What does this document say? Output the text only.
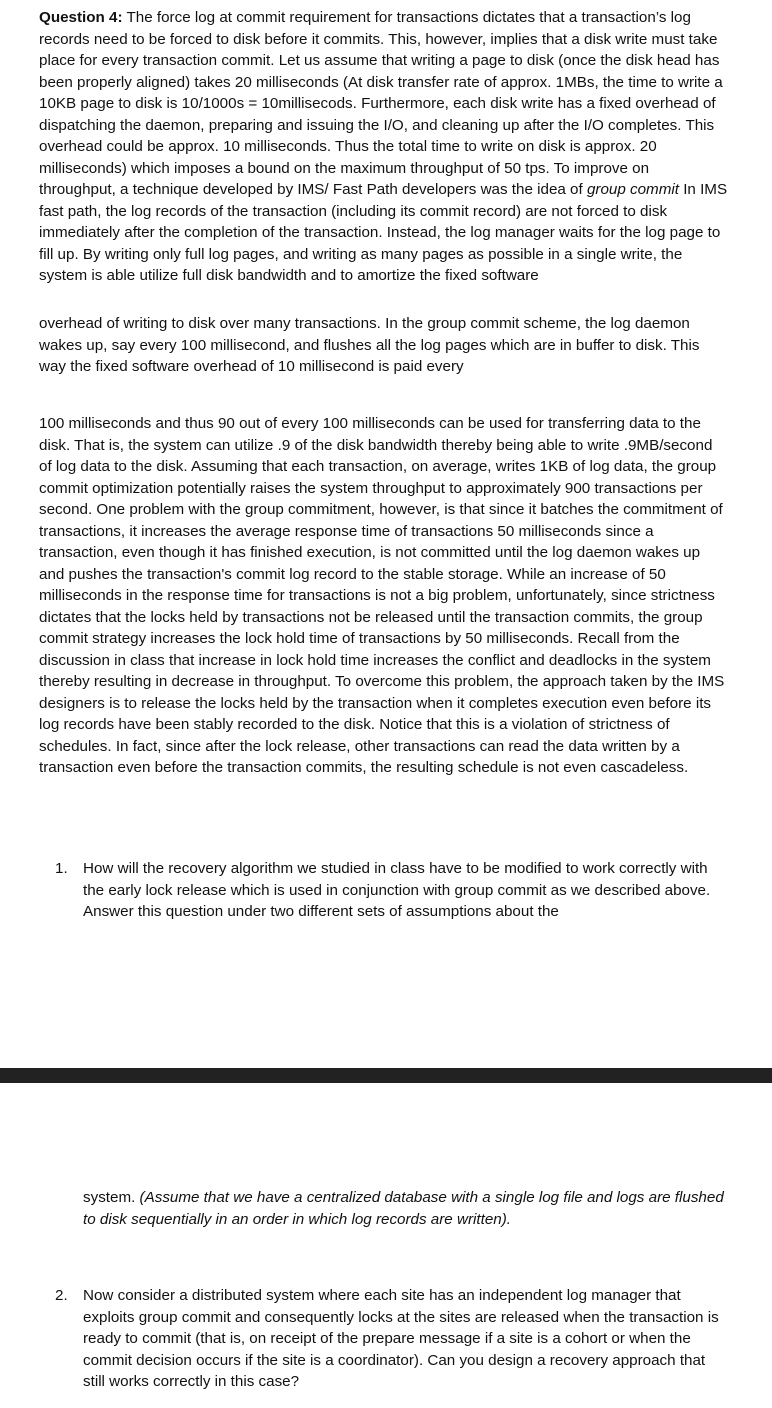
Question 4: The force log at commit requirement for transactions dictates that a transaction’s log records need to be forced to disk before it commits. This, however, implies that a disk write must take place for every transaction commit. Let us assume that writing a page to disk (once the disk head has been properly aligned) takes 20 milliseconds (At disk transfer rate of approx. 1MBs, the time to write a 10KB page to disk is 10/1000s = 10millisecods. Furthermore, each disk write has a fixed overhead of dispatching the daemon, preparing and issuing the I/O, and cleaning up after the I/O completes. This overhead could be approx. 10 milliseconds. Thus the total time to write on disk is approx. 20 milliseconds) which imposes a bound on the maximum throughput of 50 tps. To improve on throughput, a technique developed by IMS/ Fast Path developers was the idea of group commit In IMS fast path, the log records of the transaction (including its commit record) are not forced to disk immediately after the completion of the transaction. Instead, the log manager waits for the log page to fill up. By writing only full log pages, and writing as many pages as possible in a single write, the system is able utilize full disk bandwidth and to amortize the fixed software

overhead of writing to disk over many transactions. In the group commit scheme, the log daemon wakes up, say every 100 millisecond, and flushes all the log pages which are in buffer to disk. This way the fixed software overhead of 10 millisecond is paid every

100 milliseconds and thus 90 out of every 100 milliseconds can be used for transferring data to the disk. That is, the system can utilize .9 of the disk bandwidth thereby being able to write .9MB/second of log data to the disk. Assuming that each transaction, on average, writes 1KB of log data, the group commit optimization potentially raises the system throughput to approximately 900 transactions per second. One problem with the group commitment, however, is that since it batches the commitment of transactions, it increases the average response time of transactions 50 milliseconds since a transaction, even though it has finished execution, is not committed until the log daemon wakes up and pushes the transaction's commit log record to the stable storage. While an increase of 50 milliseconds in the response time for transactions is not a big problem, unfortunately, since strictness dictates that the locks held by transactions not be released until the transaction commits, the group commit strategy increases the lock hold time of transactions by 50 milliseconds. Recall from the discussion in class that increase in lock hold time increases the conflict and deadlocks in the system thereby resulting in decrease in throughput. To overcome this problem, the approach taken by the IMS designers is to release the locks held by the transaction when it completes execution even before its log records have been stably recorded to the disk. Notice that this is a violation of strictness of schedules. In fact, since after the lock release, other transactions can read the data written by a transaction even before the transaction commits, the resulting schedule is not even cascadeless.

1.	How will the recovery algorithm we studied in class have to be modified to work correctly with the early lock release which is used in conjunction with group commit as we described above. Answer this question under two different sets of assumptions about the
system. (Assume that we have a centralized database with a single log file and logs are flushed to disk sequentially in an order in which log records are written).
2.	Now consider a distributed system where each site has an independent log manager that exploits group commit and consequently locks at the sites are released when the transaction is ready to commit (that is, on receipt of the prepare message if a site is a cohort or when the commit decision occurs if the site is a coordinator). Can you design a recovery approach that still works correctly in this case?
